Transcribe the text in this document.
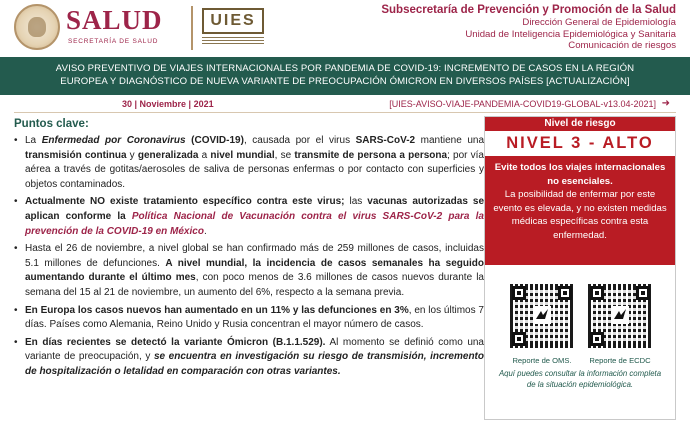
SALUD
SECRETARÍA DE SALUD
UIES
Subsecretaría de Prevención y Promoción de la Salud
Dirección General de Epidemiología
Unidad de Inteligencia Epidemiológica y Sanitaria
Comunicación de riesgos
AVISO PREVENTIVO DE VIAJES INTERNACIONALES POR PANDEMIA DE COVID-19: INCREMENTO DE CASOS EN LA REGIÓN
EUROPEA Y DIAGNÓSTICO DE NUEVA VARIANTE DE PREOCUPACIÓN ÓMICRON EN DIVERSOS PAÍSES [ACTUALIZACIÓN]
30 | Noviembre | 2021	[UIES-AVISO-VIAJE-PANDEMIA-COVID19-GLOBAL-v13.04-2021] ➜
Puntos clave:
• La Enfermedad por Coronavirus (COVID-19), causada por el virus SARS-CoV-2 mantiene una transmisión continua y generalizada a nivel mundial, se transmite de persona a persona; por vía aérea a través de gotitas/aerosoles de saliva de personas enfermas o por contacto con superficies y objetos contaminados.
• Actualmente NO existe tratamiento específico contra este virus; las vacunas autorizadas se aplican conforme la Política Nacional de Vacunación contra el virus SARS-CoV-2 para la prevención de la COVID-19 en México.
• Hasta el 26 de noviembre, a nivel global se han confirmado más de 259 millones de casos, incluidas 5.1 millones de defunciones. A nivel mundial, la incidencia de casos semanales ha seguido aumentando durante el último mes, con poco menos de 3.6 millones de casos nuevos durante la semana del 15 al 21 de noviembre, un aumento del 6%, respecto a la semana previa.
• En Europa los casos nuevos han aumentado en un 11% y las defunciones en 3%, en los últimos 7 días. Países como Alemania, Reino Unido y Rusia concentran el mayor número de casos.
• En días recientes se detectó la variante Ómicron (B.1.1.529). Al momento se definió como una variante de preocupación, y se encuentra en investigación su riesgo de transmisión, incremento de hospitalización o letalidad en comparación con otras variantes.
Nivel de riesgo
NIVEL 3 - ALTO
Evite todos los viajes internacionales no esenciales.
La posibilidad de enfermar por este evento es elevada, y no existen medidas médicas específicas contra esta enfermedad.
Reporte de OMS.	Reporte de ECDC
Aquí puedes consultar la información completa de la situación epidemiológica.
